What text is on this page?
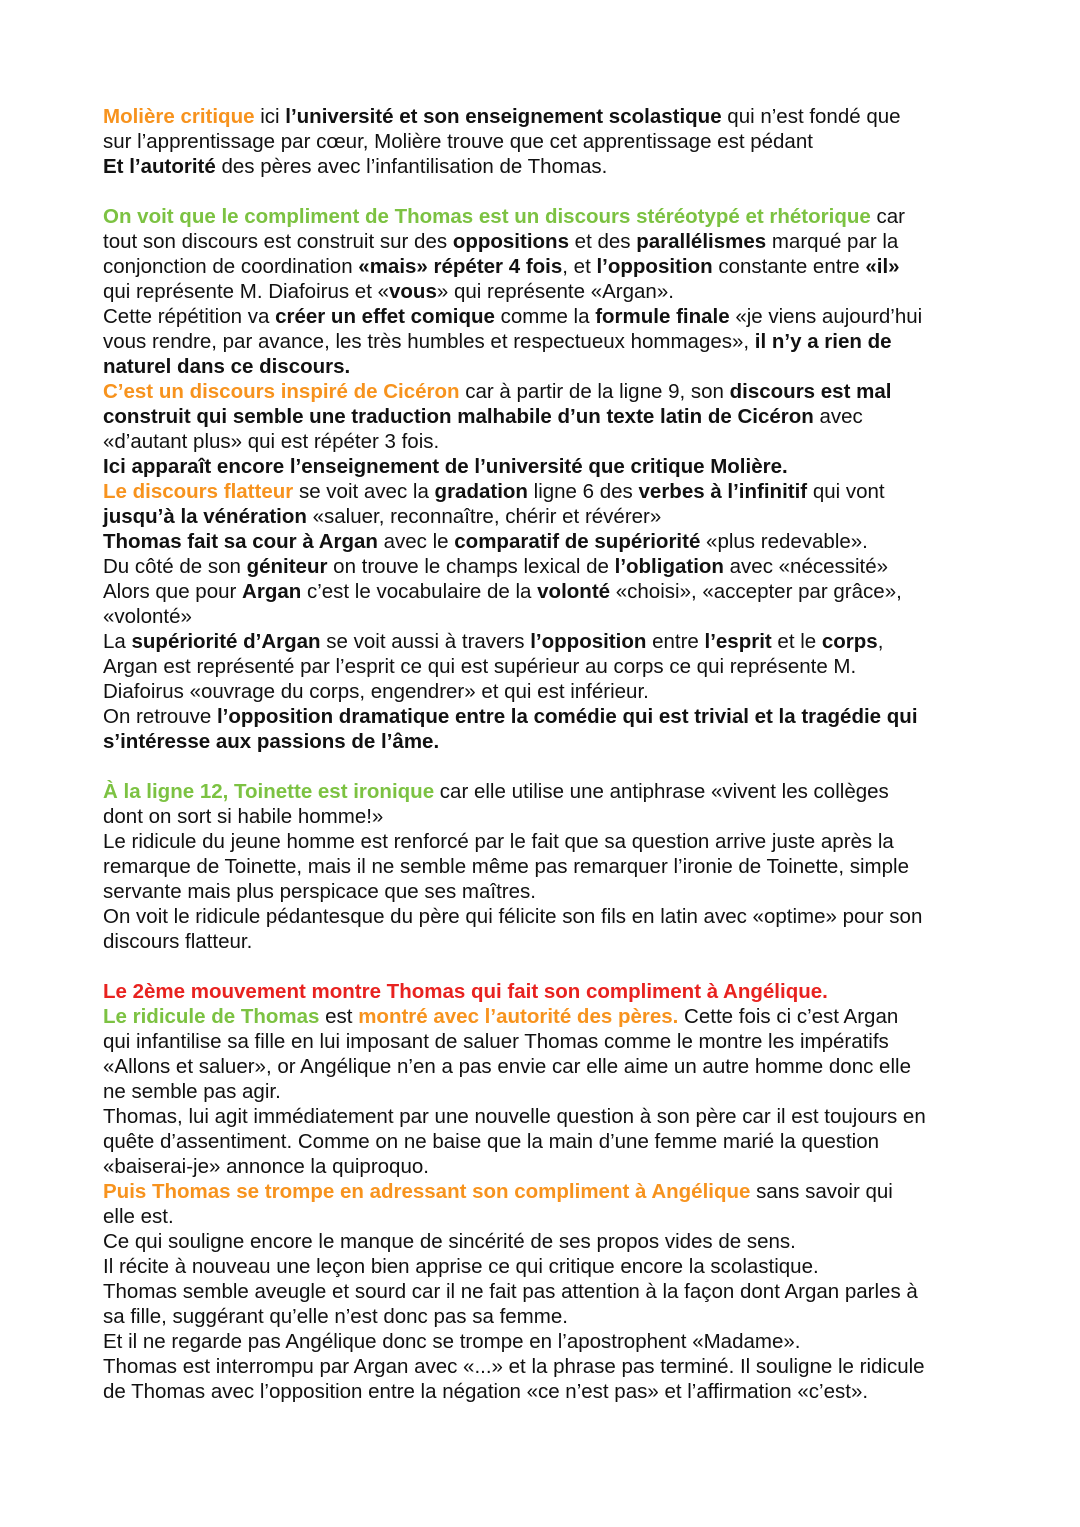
Molière critique ici l’université et son enseignement scolastique qui n’est fondé que
sur l’apprentissage par cœur, Molière trouve que cet apprentissage est pédant
Et l’autorité des pères avec l’infantilisation de Thomas.
On voit que le compliment de Thomas est un discours stéréotypé et rhétorique car
tout son discours est construit sur des oppositions et des parallélismes marqué par la
conjonction de coordination «mais» répéter 4 fois, et l’opposition constante entre «il»
qui représente M. Diafoirus et «vous» qui représente «Argan».
Cette répétition va créer un effet comique comme la formule finale «je viens aujourd’hui
vous rendre, par avance, les très humbles et respectueux hommages», il n’y a rien de
naturel dans ce discours.
C’est un discours inspiré de Cicéron car à partir de la ligne 9, son discours est mal
construit qui semble une traduction malhabile d’un texte latin de Cicéron avec
«d’autant plus» qui est répéter 3 fois.
Ici apparaît encore l’enseignement de l’université que critique Molière.
Le discours flatteur se voit avec la gradation ligne 6 des verbes à l’infinitif qui vont
jusqu’à la vénération «saluer, reconnaître, chérir et révérer»
Thomas fait sa cour à Argan avec le comparatif de supériorité «plus redevable».
Du côté de son géniteur on trouve le champs lexical de l’obligation avec «nécessité»
Alors que pour Argan c’est le vocabulaire de la volonté «choisi», «accepter par grâce»,
«volonté»
La supériorité d’Argan se voit aussi à travers l’opposition entre l’esprit et le corps,
Argan est représenté par l’esprit ce qui est supérieur au corps ce qui représente M.
Diafoirus «ouvrage du corps, engendrer» et qui est inférieur.
On retrouve l’opposition dramatique entre la comédie qui est trivial et la tragédie qui
s’intéresse aux passions de l’âme.
À la ligne 12, Toinette est ironique car elle utilise une antiphrase «vivent les collèges
dont on sort si habile homme!»
Le ridicule du jeune homme est renforcé par le fait que sa question arrive juste après la
remarque de Toinette, mais il ne semble même pas remarquer l’ironie de Toinette, simple
servante mais plus perspicace que ses maîtres.
On voit le ridicule pédantesque du père qui félicite son fils en latin avec «optime» pour son
discours flatteur.
Le 2ème mouvement montre Thomas qui fait son compliment à Angélique.
Le ridicule de Thomas est montré avec l’autorité des pères. Cette fois ci c’est Argan
qui infantilise sa fille en lui imposant de saluer Thomas comme le montre les impératifs
«Allons et saluer», or Angélique n’en a pas envie car elle aime un autre homme donc elle
ne semble pas agir.
Thomas, lui agit immédiatement par une nouvelle question à son père car il est toujours en
quête d’assentiment. Comme on ne baise que la main d’une femme marié la question
«baiserai-je» annonce la quiproquo.
Puis Thomas se trompe en adressant son compliment à Angélique sans savoir qui
elle est.
Ce qui souligne encore le manque de sincérité de ses propos vides de sens.
Il récite à nouveau une leçon bien apprise ce qui critique encore la scolastique.
Thomas semble aveugle et sourd car il ne fait pas attention à la façon dont Argan parles à
sa fille, suggérant qu’elle n’est donc pas sa femme.
Et il ne regarde pas Angélique donc se trompe en l’apostrophent «Madame».
Thomas est interrompu par Argan avec «...» et la phrase pas terminé. Il souligne le ridicule
de Thomas avec l’opposition entre la négation «ce n’est pas» et l’affirmation «c’est».
